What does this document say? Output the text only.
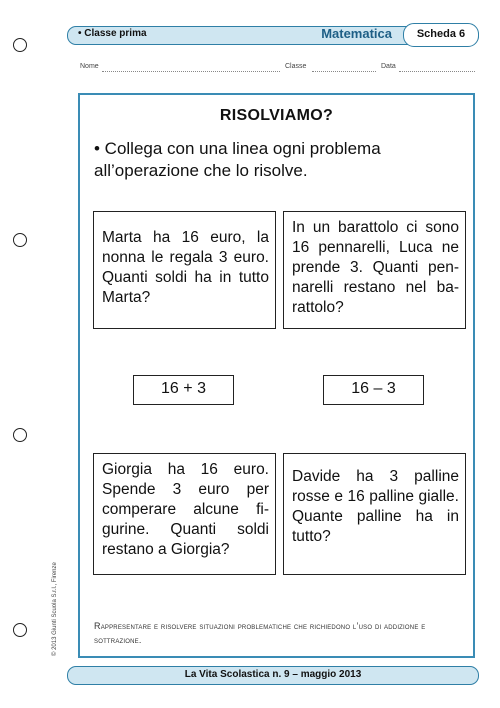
• Classe prima	Matematica	Scheda 6
Nome	Classe	Data
RISOLVIAMO?
• Collega con una linea ogni problema all’operazione che lo risolve.
Marta ha 16 euro, la nonna le regala 3 euro. Quanti soldi ha in tutto Marta?
In un barattolo ci sono 16 pennarelli, Luca ne prende 3. Quanti pennarelli restano nel barattolo?
16 + 3	16 – 3
Giorgia ha 16 euro. Spende 3 euro per comperare alcune figurine. Quanti soldi restano a Giorgia?
Davide ha 3 palline rosse e 16 palline gialle. Quante palline ha in tutto?
Rappresentare e risolvere situazioni problematiche che richiedono l’uso di addizione e sottrazione.
© 2013 Giunti Scuola S.r.l., Firenze
La Vita Scolastica n. 9 – maggio 2013
